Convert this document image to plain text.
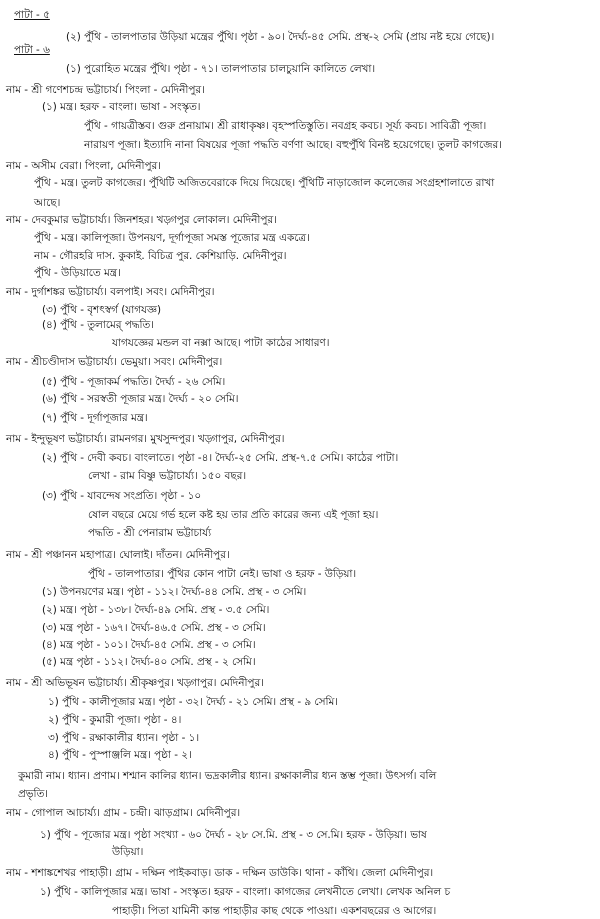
পাটা - ৫
(২) পুঁথি - তালপাতার উড়িয়া মন্ত্রের পুঁথি। পৃষ্ঠা - ৯০। দৈর্ঘ্য-৪৫ সেমি. প্রস্থ-২ সেমি (প্রায় নষ্ট হয়ে গেছে)।
পাটা - ৬
(১) পুরোহিত মন্ত্রের পুঁথি। পৃষ্ঠা - ৭১। তালপাতার চালচুয়ানি কালিতে লেখা।
নাম - শ্রী গণেশচন্দ্র ভট্টাচার্য। পিংলা - মেদিনীপুর।
(১) মন্ত্র। হরফ - বাংলা। ভাষা - সংস্কৃত।
পুঁথি - গায়ত্রীস্তব। গুরু প্রনায়াম। শ্রী রাধাকৃষ্ণ। বৃহস্পতিস্তুতি। নবগ্রহ কবচ। সূর্য্য কবচ। সাবিত্রী পূজা।
নারায়ণ পূজা। ইত্যাদি নানা বিষয়ের পূজা পদ্ধতি বর্ণণা আছে। বহুপুঁথি বিনষ্ট হয়েগেছে। তুলট কাগজের।
নাম - অসীম বেরা। পিংলা, মেদিনীপুর।
পুঁথি - মন্ত্র। তুলট কাগজের। পুঁথিটি অজিতবেরাকে দিয়ে দিয়েছে। পুঁথিটি নাড়াজোল কলেজের সংগ্রহশালাতে রাখা
আছে।
নাম - দেবকুমার ভট্টাচার্য্য। জিনশহর। খড়্গপুর লোকাল। মেদিনীপুর।
পুঁথি - মন্ত্র। কালিপূজা। উপনয়ণ, দূর্গাপূজা সমস্ত পূজোর মন্ত্র একত্রে।
নাম - গৌরহরি দাস. কুকাই. বিচিত্র পুর. কেশিয়াড়ি. মেদিনীপুর।
পুঁথি - উড়িয়াতে মন্ত্র।
নাম - দুর্গাশঙ্কর ভট্টাচার্য্য। বলপাই। সবং। মেদিনীপুর।
(৩) পুঁথি - বৃশৎস্বর্গ (যাগযজ্ঞ)
(৪) পুঁথি - তুলামের্ পদ্ধতি।
যাগযজ্ঞের মন্ডল বা নক্সা আছে। পাটা কাঠের সাধারণ।
নাম - শ্রীচণ্ডীদাস ভট্টাচার্য্য। ভেমুয়া। সবং। মেদিনীপুর।
(৫) পুঁথি - পূজাকর্ম পদ্ধতি। দৈর্ঘ্য - ২৬ সেমি।
(৬) পুঁথি - সরস্বতী পূজার মন্ত্র। দৈর্ঘ্য - ২০ সেমি।
(৭) পুঁথি - দূর্গাপূজার মন্ত্র।
নাম - ইন্দুভূষণ ভট্টাচার্য্য। রামনগর। মুখসুন্দপুর। খড়্গাপুর, মেদিনীপুর।
(২) পুঁথি - দেবী কবচ। বাংলাতে। পৃষ্ঠা -৪। দৈর্ঘ্য-২৫ সেমি. প্রস্থ-৭.৫ সেমি। কাঠের পাটা।
লেখা - রাম বিষ্ণু ভট্টাচার্য্য। ১৫০ বছর।
(৩) পুঁথি - যাবন্দেষ সংপ্রতি। পৃষ্ঠা - ১০
ষোল বছরে মেয়ে গর্ভ হলে কষ্ট হয় তার প্রতি কারের জন্য এই পূজা হয়।
পদ্ধতি - শ্রী পেনারাম ভট্টাচার্য্য
নাম - শ্রী পঞ্চানন মহাপাত্র। ঘোলাই। দাঁতন। মেদিনীপুর।
পুঁথি - তালপাতার। পুঁথির কোন পাটা নেই। ভাষা ও হরফ - উড়িয়া।
(১) উপনয়ণের মন্ত্র। পৃষ্ঠা - ১১২। দৈর্ঘ্য-৪৪ সেমি. প্রস্থ - ৩ সেমি।
(২) মন্ত্র। পৃষ্ঠা - ১৩৮। দৈর্ঘ্য-৪৯ সেমি. প্রস্থ - ৩.৫ সেমি।
(৩) মন্ত্র পৃষ্ঠা - ১৬৭। দৈর্ঘ্য-৪৬.৫ সেমি. প্রস্থ - ৩ সেমি।
(৪) মন্ত্র পৃষ্ঠা - ১০১। দৈর্ঘ্য-৪৫ সেমি. প্রস্থ - ৩ সেমি।
(৫) মন্ত্র পৃষ্ঠা - ১১২। দৈর্ঘ্য-৪০ সেমি. প্রস্থ - ২ সেমি।
নাম - শ্রী অভিভূষন ভট্টাচার্য্য। শ্রীকৃষ্ণপুর। খড়্গাপুর। মেদিনীপুর।
১) পুঁথি - কালীপূজার মন্ত্র। পৃষ্ঠা - ৩২। দৈর্ঘ্য - ২১ সেমি। প্রস্থ - ৯ সেমি।
২) পুঁথি - কুমারী পূজা। পৃষ্ঠা - ৪।
৩) পুঁথি - রক্ষাকালীর ধ্যান। পৃষ্ঠা - ১।
৪) পুঁথি - পুস্পাঞ্জলি মন্ত্র। পৃষ্ঠা - ২।
কুমারী নাম। ধ্যান। প্রণাম। শশ্মান কালির ধ্যান। ভদ্রকালীর ধ্যান। রক্ষাকালীর ধ্যন স্তম্ভ পূজা। উৎসর্গ। বলি
প্রভৃতি।
নাম - গোপাল আচার্য্য। গ্রাম - চন্দ্রী। ঝাড়গ্রাম। মেদিনীপুর।
১) পুঁথি - পূজোর মন্ত্র। পৃষ্ঠা সংখ্যা - ৬০ দৈর্ঘ্য - ২৮ সে.মি. প্রস্থ - ৩ সে.মি। হরফ - উড়িয়া। ভাষ
উড়িয়া।
নাম - শশাঙ্কশেখর পাহাড়ী। গ্রাম - দক্ষিন পাইকবাড়। ডাক - দক্ষিন ডাউকি। থানা - কাঁথি। জেলা মেদিনীপুর।
১) পুঁথি - কালিপূজার মন্ত্র। ভাষা - সংস্কৃত। হরফ - বাংলা। কাগজের লেখনীতে লেখা। লেখক অনিল চ
পাহাড়ী। পিতা যামিনী কান্ত পাহাড়ীর কাছ থেকে পাওয়া। একশবছরের ও আগের।
